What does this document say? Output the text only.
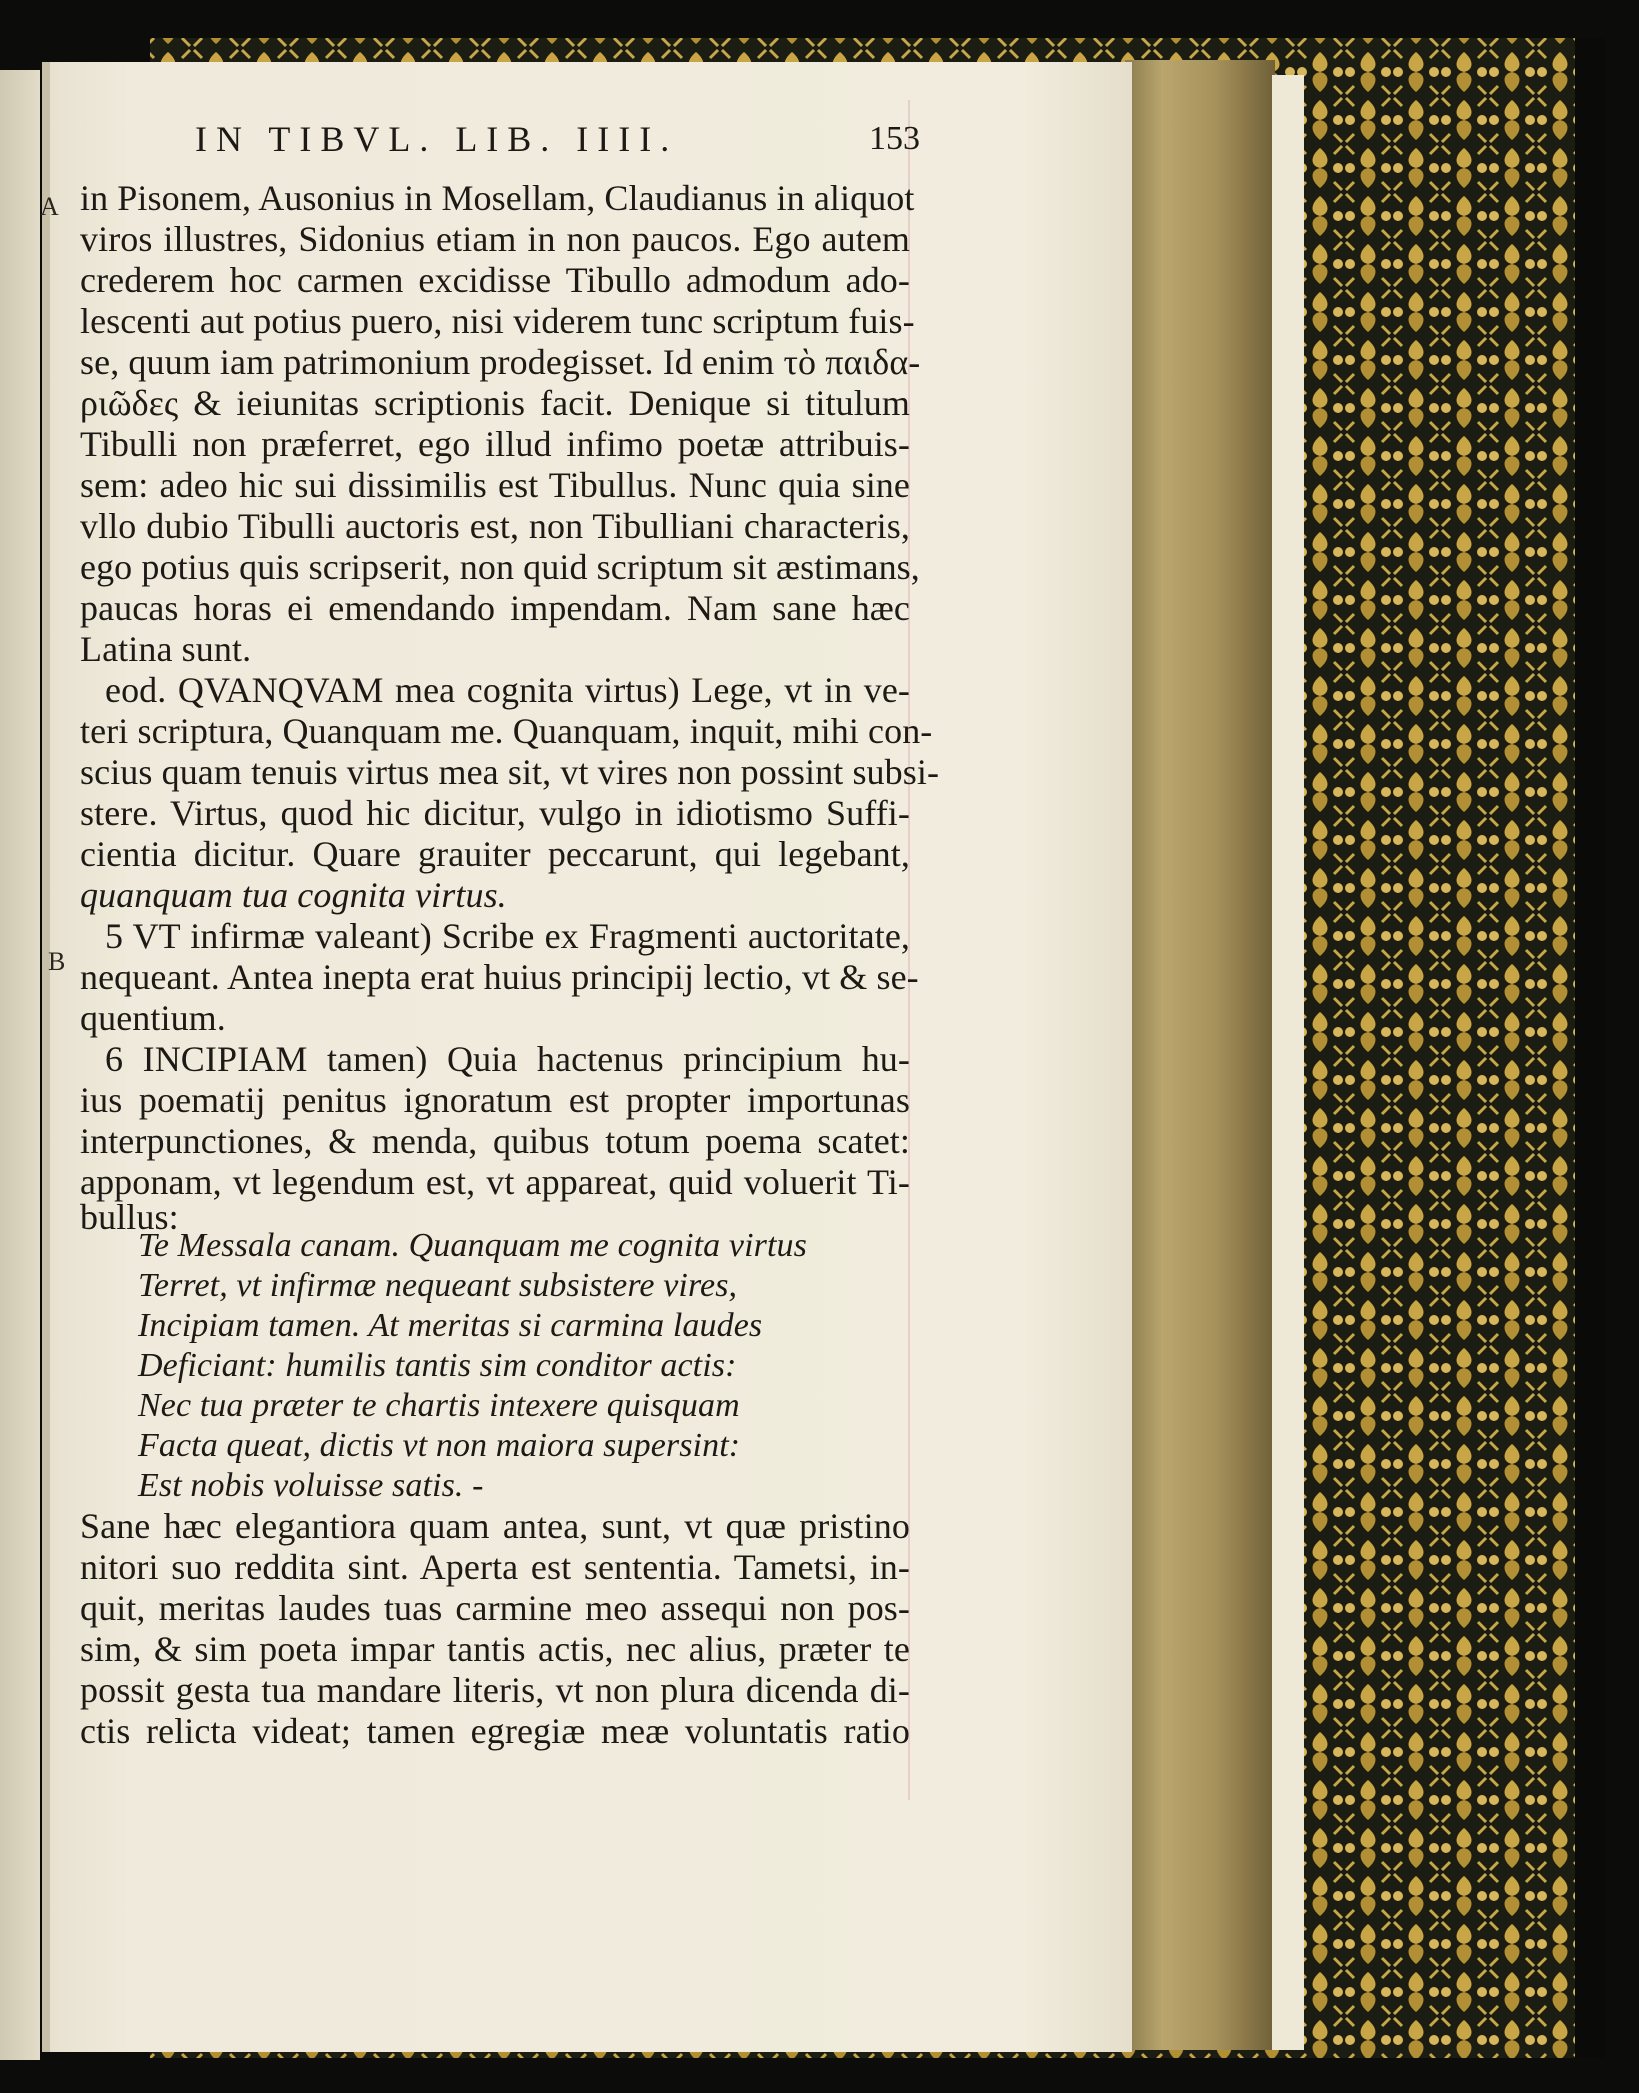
IN TIBVL. LIB. IIII.	153
A
B
in Pisonem, Ausonius in Mosellam, Claudianus in aliquot
viros illustres, Sidonius etiam in non paucos. Ego autem
crederem hoc carmen excidisse Tibullo admodum ado-
lescenti aut potius puero, nisi viderem tunc scriptum fuis-
se, quum iam patrimonium prodegisset. Id enim τὸ παιδα-
ριῶδες & ieiunitas scriptionis facit. Denique si titulum
Tibulli non præferret, ego illud infimo poetæ attribuis-
sem: adeo hic sui dissimilis est Tibullus. Nunc quia sine
vllo dubio Tibulli auctoris est, non Tibulliani characteris,
ego potius quis scripserit, non quid scriptum sit æstimans,
paucas horas ei emendando impendam. Nam sane hæc
Latina sunt.
eod. QVANQVAM mea cognita virtus) Lege, vt in ve-
teri scriptura, Quanquam me. Quanquam, inquit, mihi con-
scius quam tenuis virtus mea sit, vt vires non possint subsi-
stere. Virtus, quod hic dicitur, vulgo in idiotismo Suffi-
cientia dicitur. Quare grauiter peccarunt, qui legebant,
quanquam tua cognita virtus.
5 VT infirmæ valeant) Scribe ex Fragmenti auctoritate,
nequeant. Antea inepta erat huius principij lectio, vt & se-
quentium.
6 INCIPIAM tamen) Quia hactenus principium hu-
ius poematij penitus ignoratum est propter importunas
interpunctiones, & menda, quibus totum poema scatet:
apponam, vt legendum est, vt appareat, quid voluerit Ti-
bullus:
Te Messala canam. Quanquam me cognita virtus
Terret, vt infirmæ nequeant subsistere vires,
Incipiam tamen. At meritas si carmina laudes
Deficiant: humilis tantis sim conditor actis:
Nec tua præter te chartis intexere quisquam
Facta queat, dictis vt non maiora supersint:
Est nobis voluisse satis. -
Sane hæc elegantiora quam antea, sunt, vt quæ pristino
nitori suo reddita sint. Aperta est sententia. Tametsi, in-
quit, meritas laudes tuas carmine meo assequi non pos-
sim, & sim poeta impar tantis actis, nec alius, præter te
possit gesta tua mandare literis, vt non plura dicenda di-
ctis relicta videat; tamen egregiæ meæ voluntatis ratio
